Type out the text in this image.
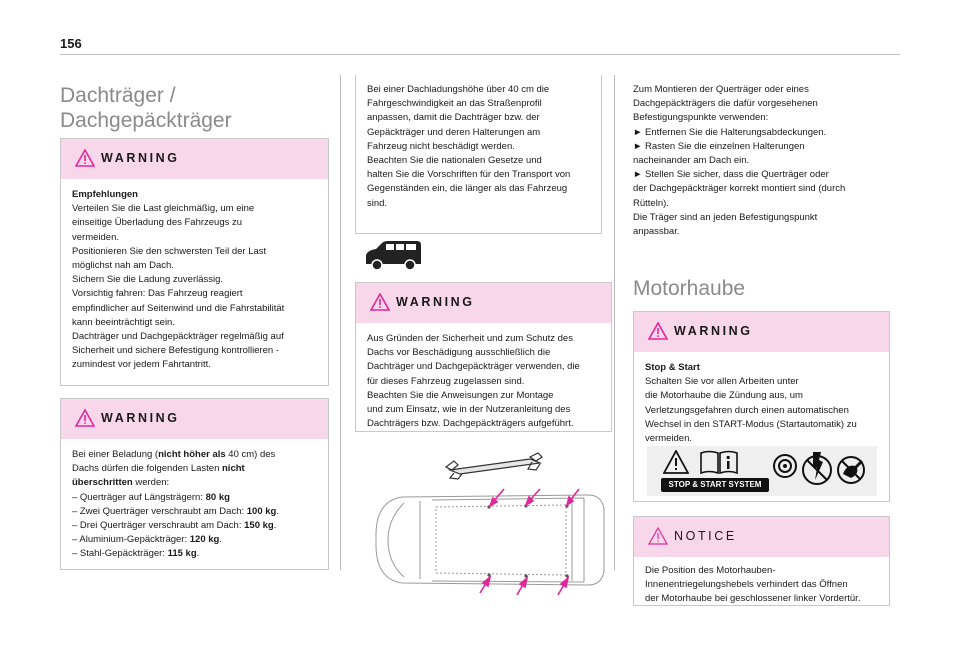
156
Dachträger /
Dachgepäckträger
WARNING

Empfehlungen

Verteilen Sie die Last gleichmäßig, um eine

einseitige Überladung des Fahrzeugs zu

vermeiden.

Positionieren Sie den schwersten Teil der Last

möglichst nah am Dach.

Sichern Sie die Ladung zuverlässig.

Vorsichtig fahren: Das Fahrzeug reagiert

empfindlicher auf Seitenwind und die Fahrstabilität

kann beeinträchtigt sein.

Dachträger und Dachgepäckträger regelmäßig auf

Sicherheit und sichere Befestigung kontrollieren -

zumindest vor jedem Fahrtantritt.

WARNING

Bei einer Beladung (nicht höher als 40 cm) des

Dachs dürfen die folgenden Lasten nicht

überschritten werden:

– Querträger auf Längsträgern: 80 kg

– Zwei Querträger verschraubt am Dach: 100 kg.

– Drei Querträger verschraubt am Dach: 150 kg.

– Aluminium-Gepäckträger: 120 kg.

– Stahl-Gepäckträger: 115 kg.

Bei einer Dachladungshöhe über 40 cm die

Fahrgeschwindigkeit an das Straßenprofil

anpassen, damit die Dachträger bzw. der

Gepäckträger und deren Halterungen am

Fahrzeug nicht beschädigt werden.

Beachten Sie die nationalen Gesetze und

halten Sie die Vorschriften für den Transport von

Gegenständen ein, die länger als das Fahrzeug

sind.

WARNING

Aus Gründen der Sicherheit und zum Schutz des

Dachs vor Beschädigung ausschließlich die

Dachträger und Dachgepäckträger verwenden, die

für dieses Fahrzeug zugelassen sind.

Beachten Sie die Anweisungen zur Montage

und zum Einsatz, wie in der Nutzeranleitung des

Dachträgers bzw. Dachgepäckträgers aufgeführt.

Zum Montieren der Querträger oder eines

Dachgepäckträgers die dafür vorgesehenen

Befestigungspunkte verwenden:

► Entfernen Sie die Halterungsabdeckungen.

► Rasten Sie die einzelnen Halterungen

nacheinander am Dach ein.

► Stellen Sie sicher, dass die Querträger oder

der Dachgepäckträger korrekt montiert sind (durch

Rütteln).

Die Träger sind an jeden Befestigungspunkt

anpassbar.

Motorhaube
WARNING

Stop & Start

Schalten Sie vor allen Arbeiten unter

die Motorhaube die Zündung aus, um

Verletzungsgefahren durch einen automatischen

Wechsel in den START-Modus (Startautomatik) zu

vermeiden.

STOP & START SYSTEM
NOTICE

Die Position des Motorhauben-

Innenentriegelungshebels verhindert das Öffnen

der Motorhaube bei geschlossener linker Vordertür.
